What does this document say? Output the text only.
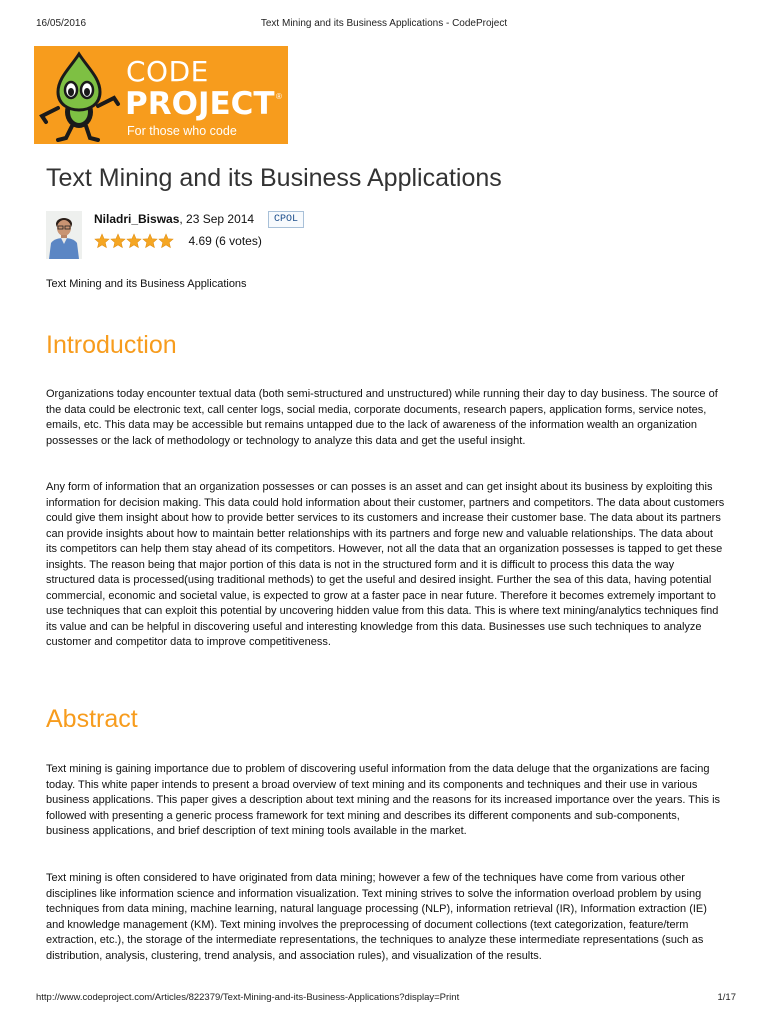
16/05/2016	Text Mining and its Business Applications - CodeProject
CODE
PROJECT ®
For those who code
Text Mining and its Business Applications
Niladri_Biswas, 23 Sep 2014	CPOL
4.69 (6 votes)

Text Mining and its Business Applications

Introduction

Organizations today encounter textual data (both semi-structured and unstructured) while running their day to day business. The source of the data could be electronic text, call center logs, social media, corporate documents, research papers, application forms, service notes, emails, etc. This data may be accessible but remains untapped due to the lack of awareness of the information wealth an organization possesses or the lack of methodology or technology to analyze this data and get the useful insight.

Any form of information that an organization possesses or can posses is an asset and can get insight about its business by exploiting this information for decision making. This data could hold information about their customer, partners and competitors. The data about customers could give them insight about how to provide better services to its customers and increase their customer base. The data about its partners can provide insights about how to maintain better relationships with its partners and forge new and valuable relationships. The data about its competitors can help them stay ahead of its competitors. However, not all the data that an organization possesses is tapped to get these insights. The reason being that major portion of this data is not in the structured form and it is difficult to process this data the way structured data is processed(using traditional methods) to get the useful and desired insight. Further the sea of this data, having potential commercial, economic and societal value, is expected to grow at a faster pace in near future. Therefore it becomes extremely important to use techniques that can exploit this potential by uncovering hidden value from this data. This is where text mining/analytics techniques find its value and can be helpful in discovering useful and interesting knowledge from this data. Businesses use such techniques to analyze customer and competitor data to improve competitiveness.

Abstract

Text mining is gaining importance due to problem of discovering useful information from the data deluge that the organizations are facing today. This white paper intends to present a broad overview of text mining and its components and techniques and their use in various business applications. This paper gives a description about text mining and the reasons for its increased importance over the years. This is followed with presenting a generic process framework for text mining and describes its different components and sub-components, business applications, and brief description of text mining tools available in the market.

Text mining is often considered to have originated from data mining; however a few of the techniques have come from various other disciplines like information science and information visualization. Text mining strives to solve the information overload problem by using techniques from data mining, machine learning, natural language processing (NLP), information retrieval (IR), Information extraction (IE) and knowledge management (KM). Text mining involves the preprocessing of document collections (text categorization, feature/term extraction, etc.), the storage of the intermediate representations, the techniques to analyze these intermediate representations (such as distribution, analysis, clustering, trend analysis, and association rules), and visualization of the results.

http://www.codeproject.com/Articles/822379/Text-Mining-and-its-Business-Applications?display=Print	1/17
